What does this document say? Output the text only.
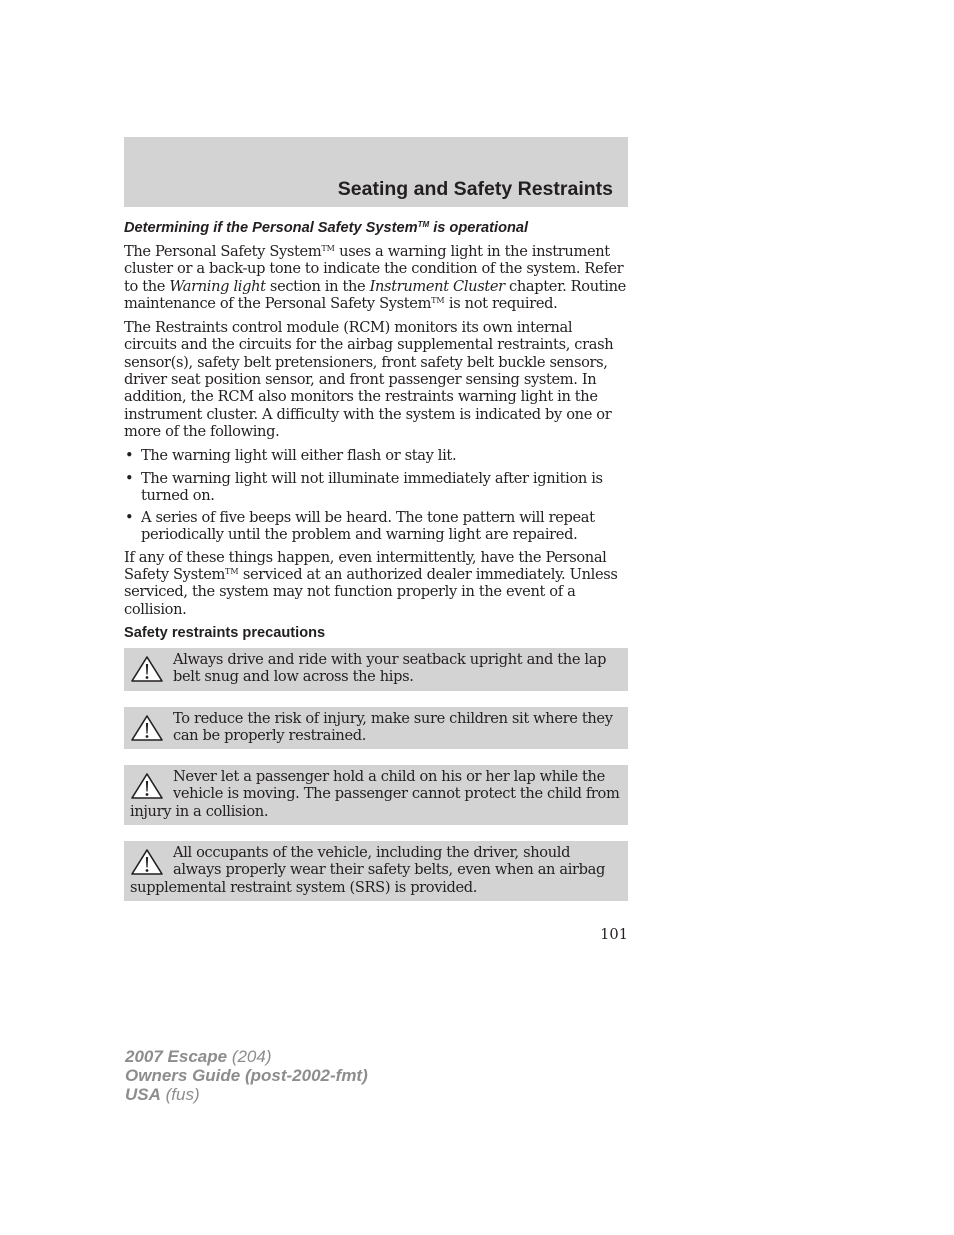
Seating and Safety Restraints
Determining if the Personal Safety System™ is operational

The Personal Safety System™ uses a warning light in the instrument cluster or a back-up tone to indicate the condition of the system. Refer to the Warning light section in the Instrument Cluster chapter. Routine maintenance of the Personal Safety System™ is not required.

The Restraints control module (RCM) monitors its own internal circuits and the circuits for the airbag supplemental restraints, crash sensor(s), safety belt pretensioners, front safety belt buckle sensors, driver seat position sensor, and front passenger sensing system. In addition, the RCM also monitors the restraints warning light in the instrument cluster. A difficulty with the system is indicated by one or more of the following.

• The warning light will either flash or stay lit.
• The warning light will not illuminate immediately after ignition is turned on.
• A series of five beeps will be heard. The tone pattern will repeat periodically until the problem and warning light are repaired.

If any of these things happen, even intermittently, have the Personal Safety System™ serviced at an authorized dealer immediately. Unless serviced, the system may not function properly in the event of a collision.

Safety restraints precautions
Always drive and ride with your seatback upright and the lap belt snug and low across the hips.
To reduce the risk of injury, make sure children sit where they can be properly restrained.
Never let a passenger hold a child on his or her lap while the vehicle is moving. The passenger cannot protect the child from injury in a collision.
All occupants of the vehicle, including the driver, should always properly wear their safety belts, even when an airbag supplemental restraint system (SRS) is provided.
101
2007 Escape (204)
Owners Guide (post-2002-fmt)
USA (fus)
